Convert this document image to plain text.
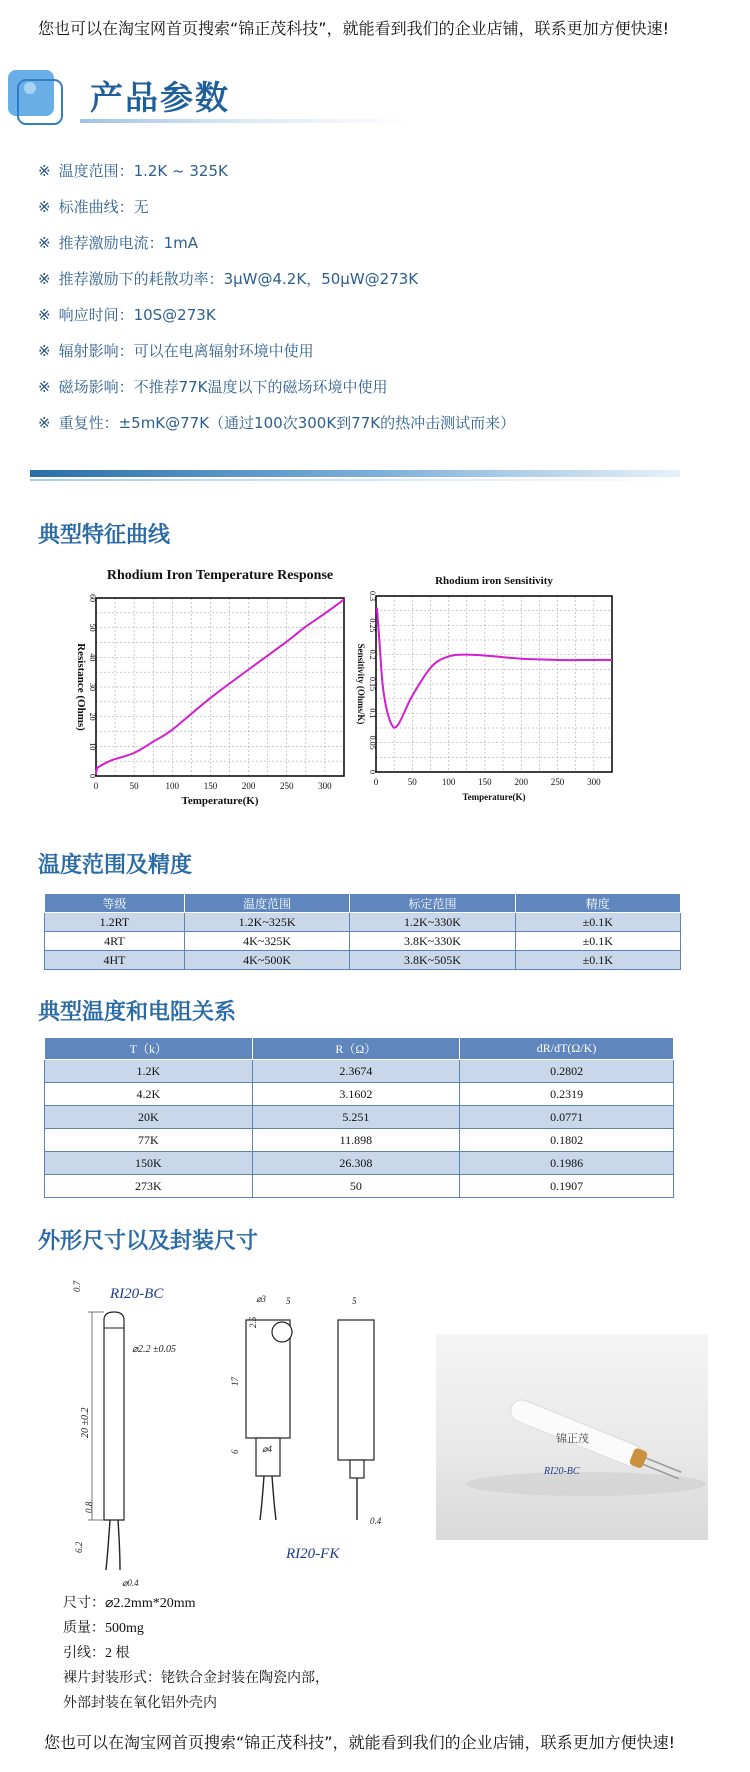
您也可以在淘宝网首页搜索“锦正茂科技”，就能看到我们的企业店铺，联系更加方便快速!
产品参数
※ 温度范围：1.2K ~ 325K
※ 标准曲线：无
※ 推荐激励电流：1mA
※ 推荐激励下的耗散功率：3μW@4.2K，50μW@273K
※ 响应时间：10S@273K
※ 辐射影响：可以在电离辐射环境中使用
※ 磁场影响：不推荐77K温度以下的磁场环境中使用
※ 重复性：±5mK@77K（通过100次300K到77K的热冲击测试而来）
典型特征曲线
Rhodium Iron Temperature Response
0	50	100	150	200	250	300
0
10
20
30
40
50
60
Temperature(K)
Resistance (Ohms)
Rhodium iron Sensitivity
0	50	100	150	200	250	300
0
0.05
0.1
0.15
0.2
0.25
0.3
Temperature(K)
Sensitivity (Ohms/K)
温度范围及精度
等级	温度范围	标定范围	精度
1.2RT	1.2K~325K	1.2K~330K	±0.1K
4RT	4K~325K	3.8K~330K	±0.1K
4HT	4K~500K	3.8K~505K	±0.1K
典型温度和电阻关系
T（k）	R（Ω）	dR/dT(Ω/K)
1.2K	2.3674	0.2802
4.2K	3.1602	0.2319
20K	5.251	0.0771
77K	11.898	0.1802
150K	26.308	0.1986
273K	50	0.1907
外形尺寸以及封装尺寸
RI20-BC
0.7
20 ±0.2
⌀2.2 ±0.05
0.8
6.2
⌀0.4
⌀3 5
2.5
17
6 ⌀4
5
0.4
RI20-FK
锦正茂
RI20-BC
尺寸：⌀2.2mm*20mm
质量：500mg
引线：2 根
裸片封装形式：铑铁合金封装在陶瓷内部，
外部封装在氧化铝外壳内
您也可以在淘宝网首页搜索“锦正茂科技”，就能看到我们的企业店铺，联系更加方便快速!
